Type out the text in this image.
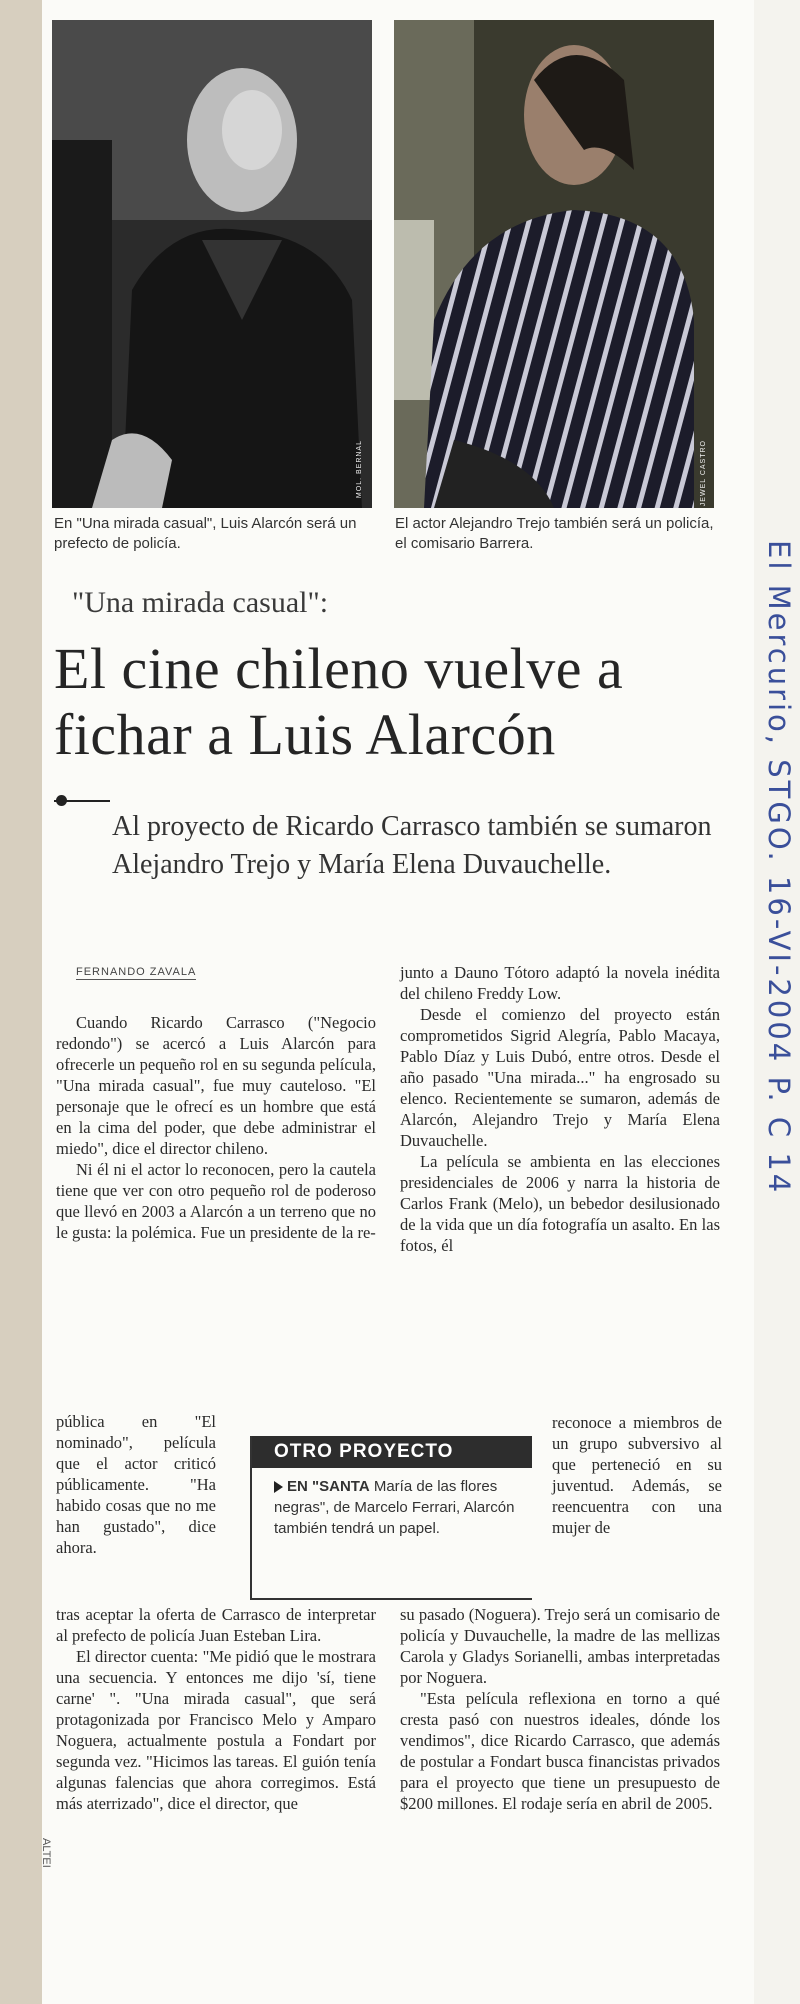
MOL. BERNAL	JEWEL CASTRO
En "Una mirada casual", Luis Alarcón será un prefecto de policía.
El actor Alejandro Trejo también será un policía, el comisario Barrera.
"Una mirada casual":
El cine chileno vuelve a fichar a Luis Alarcón
Al proyecto de Ricardo Carrasco también se sumaron Alejandro Trejo y María Elena Duvauchelle.
FERNANDO ZAVALA

Cuando Ricardo Carrasco ("Negocio redondo") se acercó a Luis Alarcón para ofrecerle un pequeño rol en su segunda película, "Una mirada casual", fue muy cauteloso. "El personaje que le ofrecí es un hombre que está en la cima del poder, que debe administrar el miedo", dice el director chileno.

Ni él ni el actor lo reconocen, pero la cautela tiene que ver con otro pequeño rol de poderoso que llevó en 2003 a Alarcón a un terreno que no le gusta: la polémica. Fue un presidente de la re-

pública en "El nominado", película que el actor criticó públicamente. "Ha habido cosas que no me han gustado", dice ahora.

tras aceptar la oferta de Carrasco de interpretar al prefecto de policía Juan Esteban Lira.

El director cuenta: "Me pidió que le mostrara una secuencia. Y entonces me dijo 'sí, tiene carne' ". "Una mirada casual", que será protagonizada por Francisco Melo y Amparo Noguera, actualmente postula a Fondart por segunda vez. "Hicimos las tareas. El guión tenía algunas falencias que ahora corregimos. Está más aterrizado", dice el director, que

junto a Dauno Tótoro adaptó la novela inédita del chileno Freddy Low.

Desde el comienzo del proyecto están comprometidos Sigrid Alegría, Pablo Macaya, Pablo Díaz y Luis Dubó, entre otros. Desde el año pasado "Una mirada..." ha engrosado su elenco. Recientemente se sumaron, además de Alarcón, Alejandro Trejo y María Elena Duvauchelle.

La película se ambienta en las elecciones presidenciales de 2006 y narra la historia de Carlos Frank (Melo), un bebedor desilusionado de la vida que un día fotografía un asalto. En las fotos, él

reconoce a miembros de un grupo subversivo al que perteneció en su juventud. Además, se reencuentra con una mujer de

su pasado (Noguera). Trejo será un comisario de policía y Duvauchelle, la madre de las mellizas Carola y Gladys Sorianelli, ambas interpretadas por Noguera.

"Esta película reflexiona en torno a qué cresta pasó con nuestros ideales, dónde los vendimos", dice Ricardo Carrasco, que además de postular a Fondart busca financistas privados para el proyecto que tiene un presupuesto de $200 millones. El rodaje sería en abril de 2005.

OTRO PROYECTO
EN "SANTA María de las flores negras", de Marcelo Ferrari, Alarcón también tendrá un papel.
El Mercurio, STGO. 16-VI-2004 P. C 14
ALTEI
